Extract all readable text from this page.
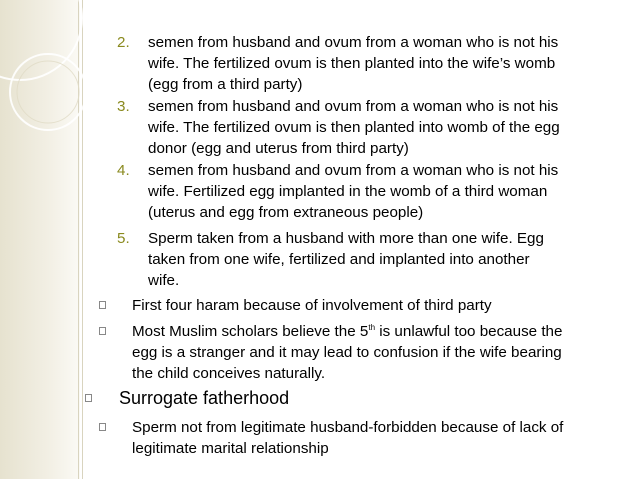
2. semen from husband and ovum from a woman who is not his
wife. The fertilized ovum is then planted into the wife’s womb
(egg from a third party)
3. semen from husband and ovum from a woman who is not his
wife. The fertilized ovum is then planted into womb of the egg
donor (egg and uterus from third party)
4. semen from husband and ovum from a woman who is not his
wife. Fertilized egg implanted in the womb of a third woman
(uterus and egg from extraneous people)
5. Sperm taken from a husband with more than one wife. Egg
taken from one wife, fertilized and implanted into another
wife.
First four haram because of involvement of third party
Most Muslim scholars believe the 5th is unlawful too because the
egg is a stranger and it may lead to confusion if the wife bearing
the child conceives naturally.
Surrogate fatherhood
Sperm not from legitimate husband-forbidden because of lack of
legitimate marital relationship
